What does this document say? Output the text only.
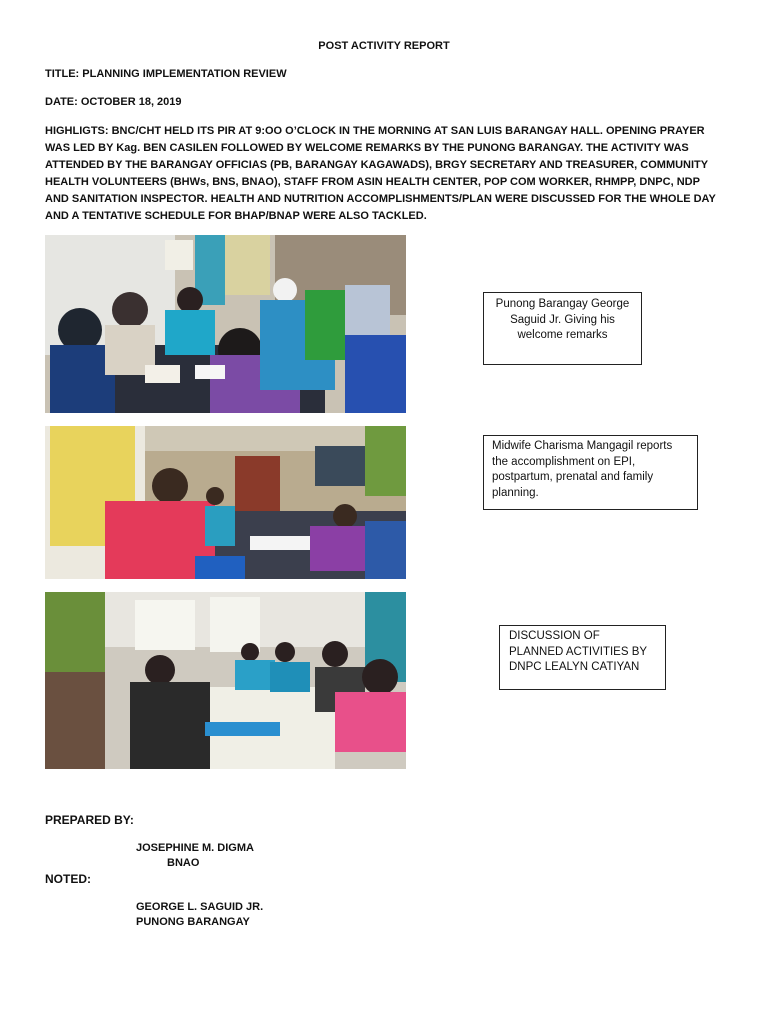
POST ACTIVITY REPORT
TITLE: PLANNING IMPLEMENTATION REVIEW
DATE: OCTOBER 18, 2019
HIGHLIGTS: BNC/CHT HELD ITS PIR AT 9:OO O’CLOCK IN THE MORNING AT SAN LUIS BARANGAY HALL. OPENING PRAYER WAS LED BY Kag. BEN CASILEN FOLLOWED BY WELCOME REMARKS BY THE PUNONG BARANGAY. THE ACTIVITY WAS ATTENDED BY THE BARANGAY OFFICIAS (PB, BARANGAY KAGAWADS), BRGY SECRETARY AND TREASURER, COMMUNITY HEALTH VOLUNTEERS (BHWs, BNS, BNAO), STAFF FROM ASIN HEALTH CENTER, POP COM WORKER, RHMPP, DNPC, NDP AND SANITATION INSPECTOR. HEALTH AND NUTRITION ACCOMPLISHMENTS/PLAN WERE DISCUSSED FOR THE WHOLE DAY AND A TENTATIVE SCHEDULE FOR BHAP/BNAP WERE ALSO TACKLED.
Punong Barangay George Saguid Jr. Giving his welcome remarks
Midwife Charisma Mangagil reports the accomplishment on EPI, postpartum, prenatal and family planning.
DISCUSSION OF PLANNED ACTIVITIES BY DNPC LEALYN CATIYAN
PREPARED BY:
JOSEPHINE M. DIGMA
BNAO
NOTED:
GEORGE L. SAGUID JR.
PUNONG BARANGAY
